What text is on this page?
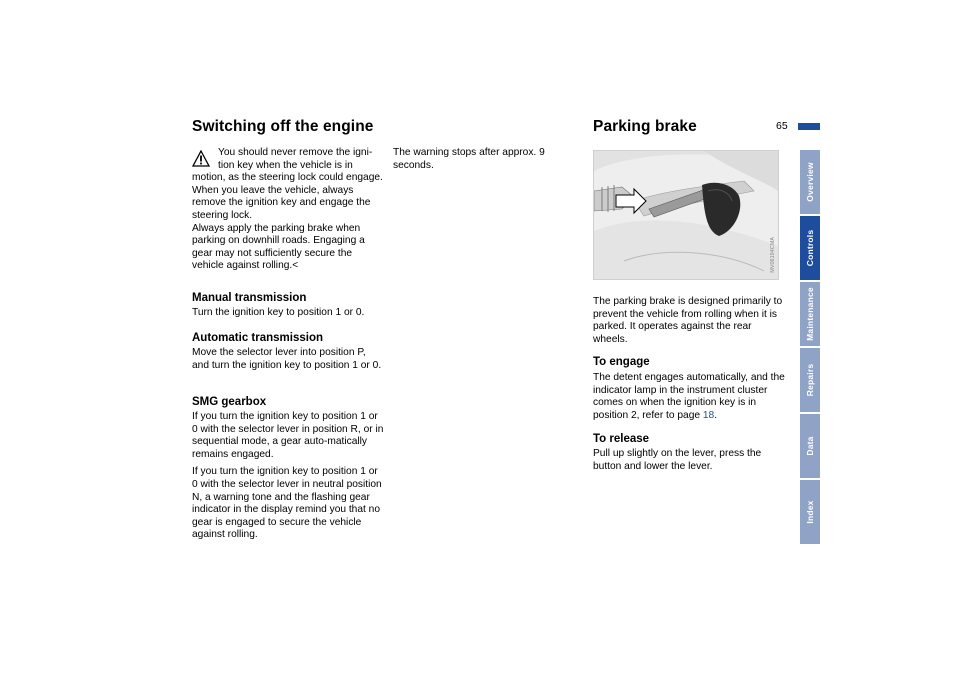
Switching off the engine
You should never remove the igni-
tion key when the vehicle is in
motion, as the steering lock could engage.
When you leave the vehicle, always remove the ignition key and engage the steering lock.
Always apply the parking brake when parking on downhill roads. Engaging a gear may not sufficiently secure the vehicle against rolling.<
Manual transmission
Turn the ignition key to position 1 or 0.
Automatic transmission
Move the selector lever into position P, and turn the ignition key to position 1 or 0.
SMG gearbox

If you turn the ignition key to position 1 or 0 with the selector lever in position R, or in sequential mode, a gear auto-matically remains engaged.

If you turn the ignition key to position 1 or 0 with the selector lever in neutral position N, a warning tone and the flashing gear indicator in the display remind you that no gear is engaged to secure the vehicle against rolling.

The warning stops after approx. 9 seconds.
Parking brake	65
MV06194CMA
The parking brake is designed primarily to prevent the vehicle from rolling when it is parked. It operates against the rear wheels.
To engage
The detent engages automatically, and the indicator lamp in the instrument cluster comes on when the ignition key is in position 2, refer to page 18.
To release
Pull up slightly on the lever, press the button and lower the lever.
Overview
Controls
Maintenance
Repairs
Data
Index
